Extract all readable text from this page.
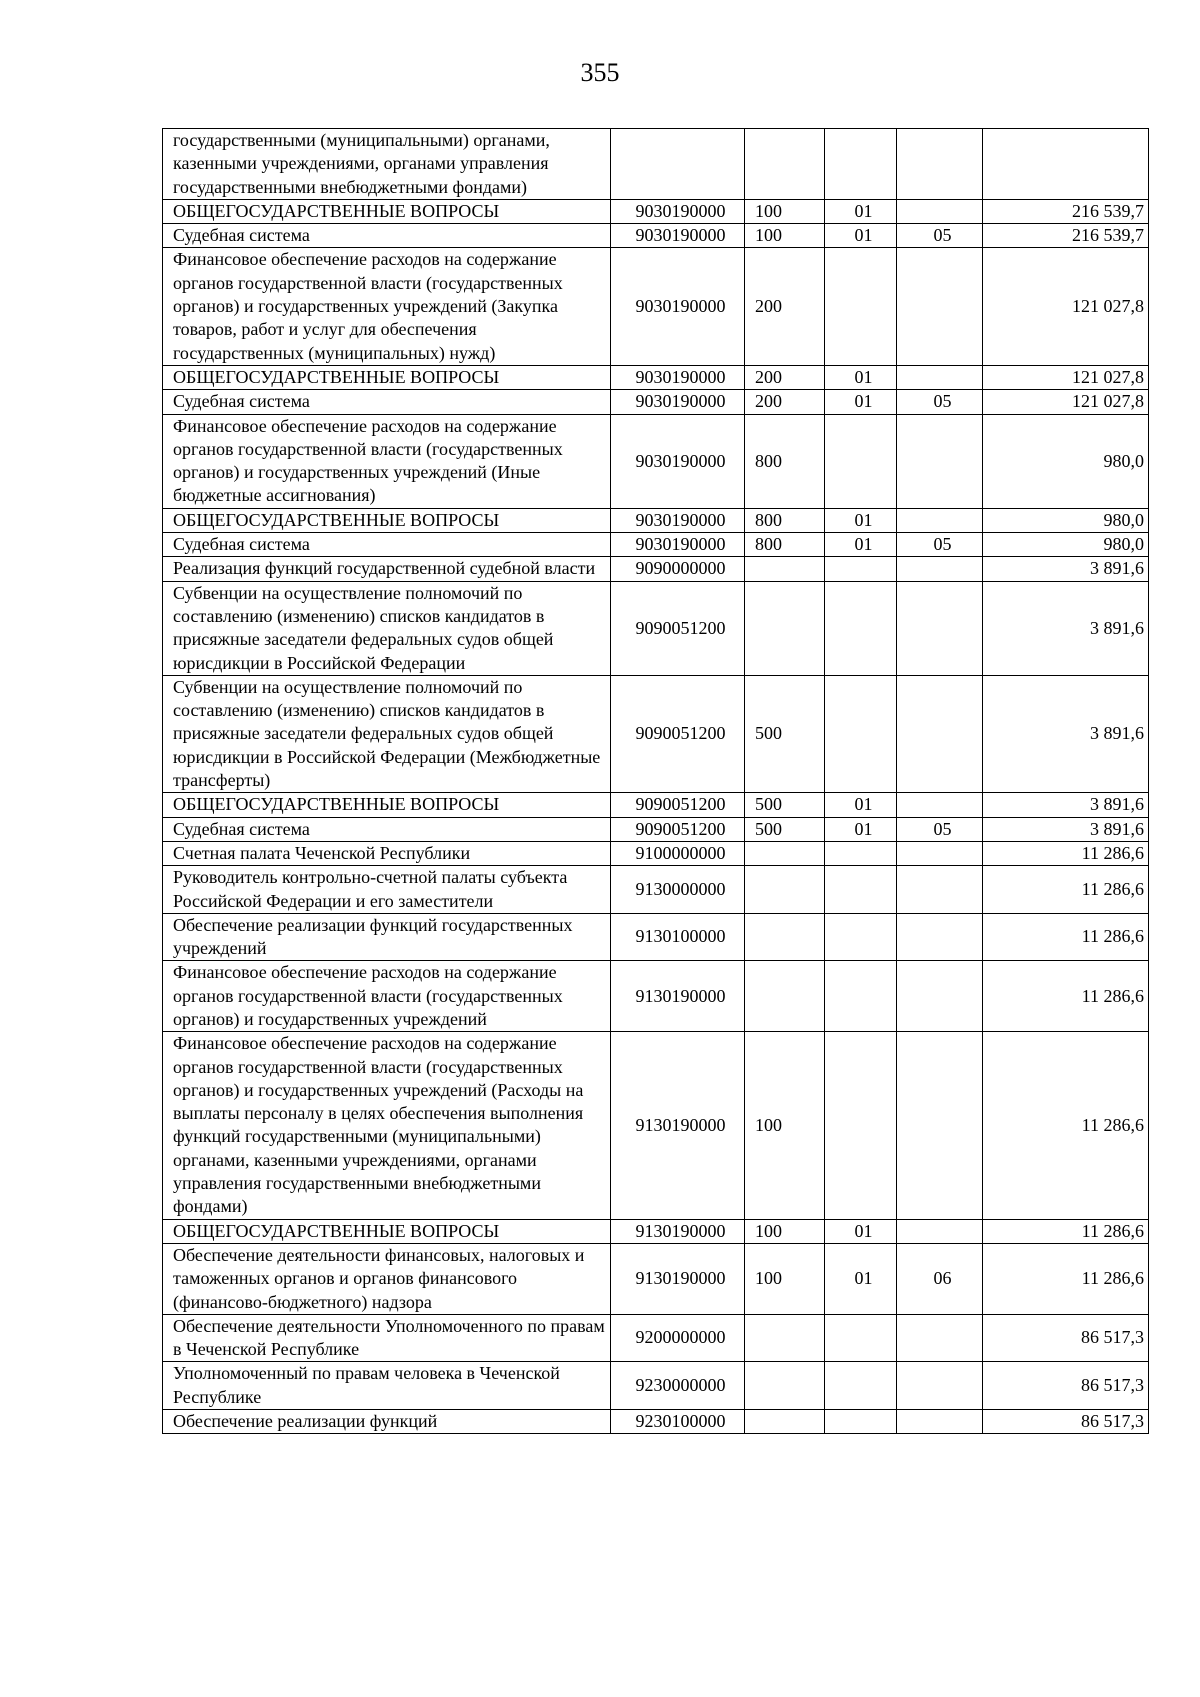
355
государственными (муниципальными) органами, казенными учреждениями, органами управления государственными внебюджетными фондами)					
ОБЩЕГОСУДАРСТВЕННЫЕ ВОПРОСЫ	9030190000	100	01		216 539,7
Судебная система	9030190000	100	01	05	216 539,7
Финансовое обеспечение расходов на содержание органов государственной власти (государственных органов) и государственных учреждений (Закупка товаров, работ и услуг для обеспечения государственных (муниципальных) нужд)	9030190000	200			121 027,8
ОБЩЕГОСУДАРСТВЕННЫЕ ВОПРОСЫ	9030190000	200	01		121 027,8
Судебная система	9030190000	200	01	05	121 027,8
Финансовое обеспечение расходов на содержание органов государственной власти (государственных органов) и государственных учреждений (Иные бюджетные ассигнования)	9030190000	800			980,0
ОБЩЕГОСУДАРСТВЕННЫЕ ВОПРОСЫ	9030190000	800	01		980,0
Судебная система	9030190000	800	01	05	980,0
Реализация функций государственной судебной власти	9090000000				3 891,6
Субвенции на осуществление полномочий по составлению (изменению) списков кандидатов в присяжные заседатели федеральных судов общей юрисдикции в Российской Федерации	9090051200				3 891,6
Субвенции на осуществление полномочий по составлению (изменению) списков кандидатов в присяжные заседатели федеральных судов общей юрисдикции в Российской Федерации (Межбюджетные трансферты)	9090051200	500			3 891,6
ОБЩЕГОСУДАРСТВЕННЫЕ ВОПРОСЫ	9090051200	500	01		3 891,6
Судебная система	9090051200	500	01	05	3 891,6
Счетная палата Чеченской Республики	9100000000				11 286,6
Руководитель контрольно-счетной палаты субъекта Российской Федерации и его заместители	9130000000				11 286,6
Обеспечение реализации функций государственных учреждений	9130100000				11 286,6
Финансовое обеспечение расходов на содержание органов государственной власти (государственных органов) и государственных учреждений	9130190000				11 286,6
Финансовое обеспечение расходов на содержание органов государственной власти (государственных органов) и государственных учреждений (Расходы на выплаты персоналу в целях обеспечения выполнения функций государственными (муниципальными) органами, казенными учреждениями, органами управления государственными внебюджетными фондами)	9130190000	100			11 286,6
ОБЩЕГОСУДАРСТВЕННЫЕ ВОПРОСЫ	9130190000	100	01		11 286,6
Обеспечение деятельности финансовых, налоговых и таможенных органов и органов финансового (финансово-бюджетного) надзора	9130190000	100	01	06	11 286,6
Обеспечение деятельности Уполномоченного по правам в Чеченской Республике	9200000000				86 517,3
Уполномоченный по правам человека в Чеченской Республике	9230000000				86 517,3
Обеспечение реализации функций	9230100000				86 517,3
